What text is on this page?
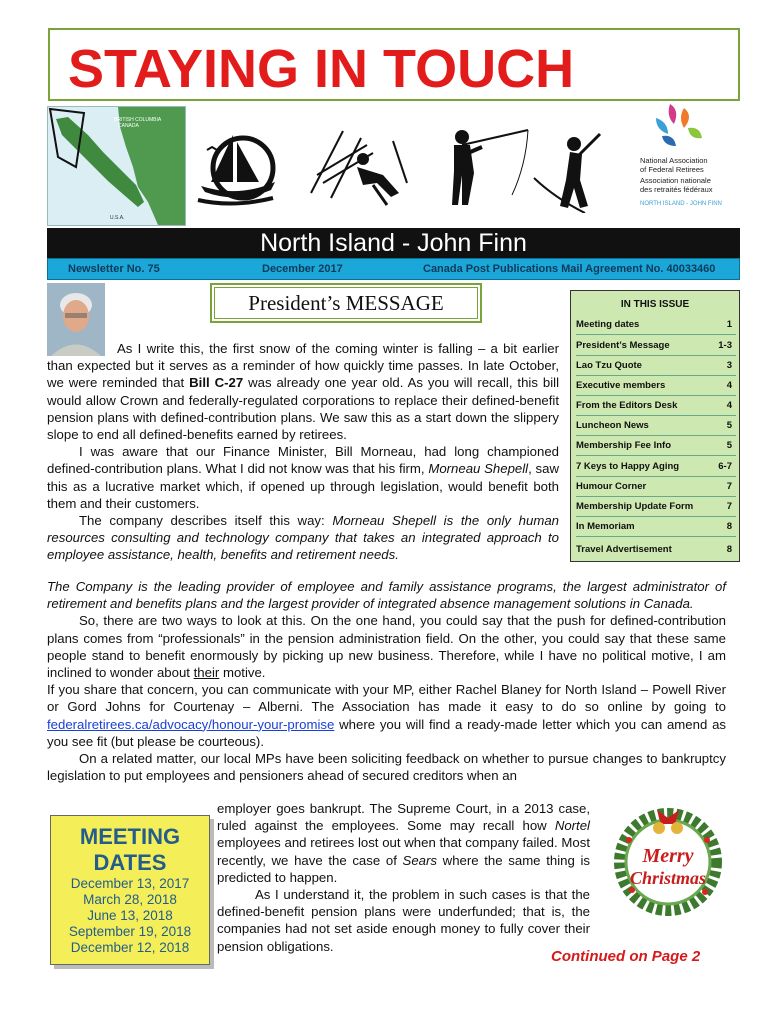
STAYING IN TOUCH
BRITISH COLUMBIA
CANADA
U.S.A.
National Association
of Federal Retirees
Association nationale
des retraités fédéraux
NORTH ISLAND - JOHN FINN
North Island - John Finn
Newsletter No. 75	December 2017	Canada Post Publications Mail Agreement No. 40033460
President’s MESSAGE	IN THIS ISSUE
Meeting dates	1
President’s Message	1-3
Lao Tzu Quote	3
Executive members	4
From the Editors Desk	4
Luncheon News	5
Membership Fee Info	5
7 Keys to Happy Aging	6-7
Humour Corner	7
Membership Update Form	7
In Memoriam	8
Travel Advertisement	8
As I write this, the first snow of the coming winter is falling – a bit earlier than expected but it serves as a reminder of how quickly time passes. In late October, we were reminded that Bill C-27 was already one year old. As you will recall, this bill would allow Crown and federally-regulated corporations to replace their defined-benefit pension plans with defined-contribution plans. We saw this as a start down the slippery slope to end all defined-benefits earned by retirees.
I was aware that our Finance Minister, Bill Morneau, had long championed defined-contribution plans. What I did not know was that his firm, Morneau Shepell, saw this as a lucrative market which, if opened up through legislation, would benefit both them and their customers.
The company describes itself this way: Morneau Shepell is the only human resources consulting and technology company that takes an integrated approach to employee assistance, health, benefits and retirement needs.
The Company is the leading provider of employee and family assistance programs, the largest administrator of retirement and benefits plans and the largest provider of integrated absence management solutions in Canada.
So, there are two ways to look at this. On the one hand, you could say that the push for defined-contribution plans comes from “professionals” in the pension administration field. On the other, you could say that these same people stand to benefit enormously by picking up new business. Therefore, while I have no political motive, I am inclined to wonder about their motive.
If you share that concern, you can communicate with your MP, either Rachel Blaney for North Island – Powell River or Gord Johns for Courtenay – Alberni. The Association has made it easy to do so online by going to federalretirees.ca/advocacy/honour-your-promise where you will find a ready-made letter which you can amend as you see fit (but please be courteous).
On a related matter, our local MPs have been soliciting feedback on whether to pursue changes to bankruptcy legislation to put employees and pensioners ahead of secured creditors when an
employer goes bankrupt. The Supreme Court, in a 2013 case, ruled against the employees. Some may recall how Nortel employees and retirees lost out when that company failed. Most recently, we have the case of Sears where the same thing is predicted to happen.
As I understand it, the problem in such cases is that the defined-benefit pension plans were underfunded; that is, the companies had not set aside enough money to fully cover their pension obligations.
MEETING
DATES
December 13, 2017
March 28, 2018
June 13, 2018
September 19, 2018
December 12, 2018
Merry
Christmas
Continued on Page 2
